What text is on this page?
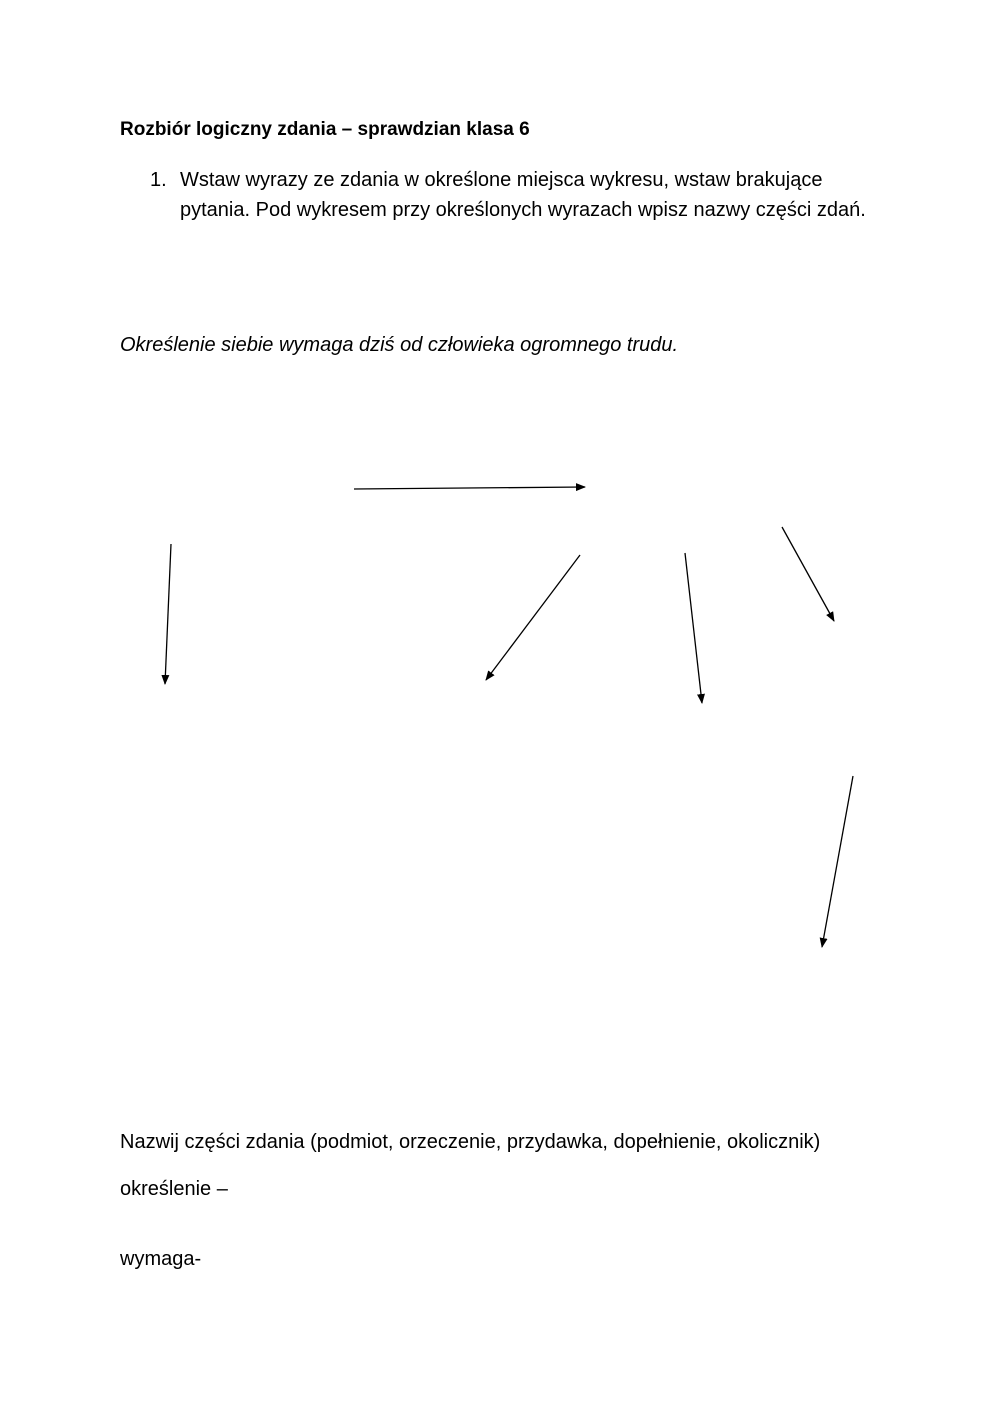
Rozbiór logiczny zdania – sprawdzian klasa 6
1. Wstaw wyrazy ze zdania w określone miejsca wykresu, wstaw brakujące pytania. Pod wykresem przy określonych wyrazach wpisz nazwy części zdań.
Określenie siebie wymaga dziś od człowieka ogromnego trudu.
Nazwij części zdania (podmiot, orzeczenie, przydawka, dopełnienie, okolicznik)
określenie –
wymaga-
